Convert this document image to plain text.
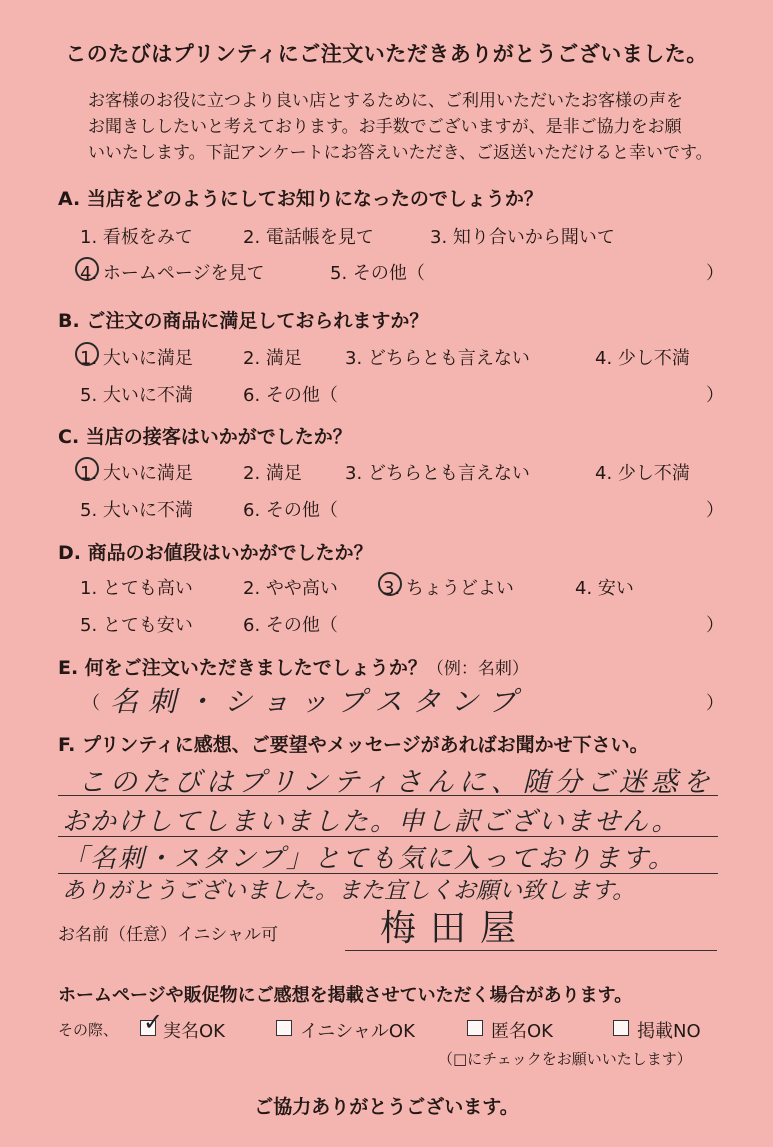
このたびはプリンティにご注文いただきありがとうございました。
お客様のお役に立つより良い店とするために、ご利用いただいたお客様の声を
お聞きししたいと考えております。お手数でございますが、是非ご協力をお願
いいたします。下記アンケートにお答えいただき、ご返送いただけると幸いです。
A. 当店をどのようにしてお知りになったのでしょうか？
1. 看板をみて	2. 電話帳を見て	3. 知り合いから聞いて
4. ホームページを見て	5. その他（	）
B. ご注文の商品に満足しておられますか？
1. 大いに満足	2. 満足 3. どちらとも言えない	4. 少し不満
5. 大いに不満	6. その他（	）
C. 当店の接客はいかがでしたか？
1. 大いに満足	2. 満足 3. どちらとも言えない	4. 少し不満
5. 大いに不満	6. その他（	）
D. 商品のお値段はいかがでしたか？
1. とても高い	2. やや高い	3. ちょうどよい	4. 安い
5. とても安い	6. その他（	）
E. 何をご注文いただきましたでしょうか？（例：名刺）
（ 名刺・ショップスタンプ	）
F. プリンティに感想、ご要望やメッセージがあればお聞かせ下さい。
このたびはプリンティさんに、随分ご迷惑を
おかけしてしまいました。申し訳ございません。
「名刺・スタンプ」とても気に入っております。
ありがとうございました。また宜しくお願い致します。
お名前（任意）イニシャル可	梅田屋
ホームページや販促物にご感想を掲載させていただく場合があります。
その際、 ✓ 実名OK	イニシャルOK	匿名OK	掲載NO
（□にチェックをお願いいたします）
ご協力ありがとうございます。
